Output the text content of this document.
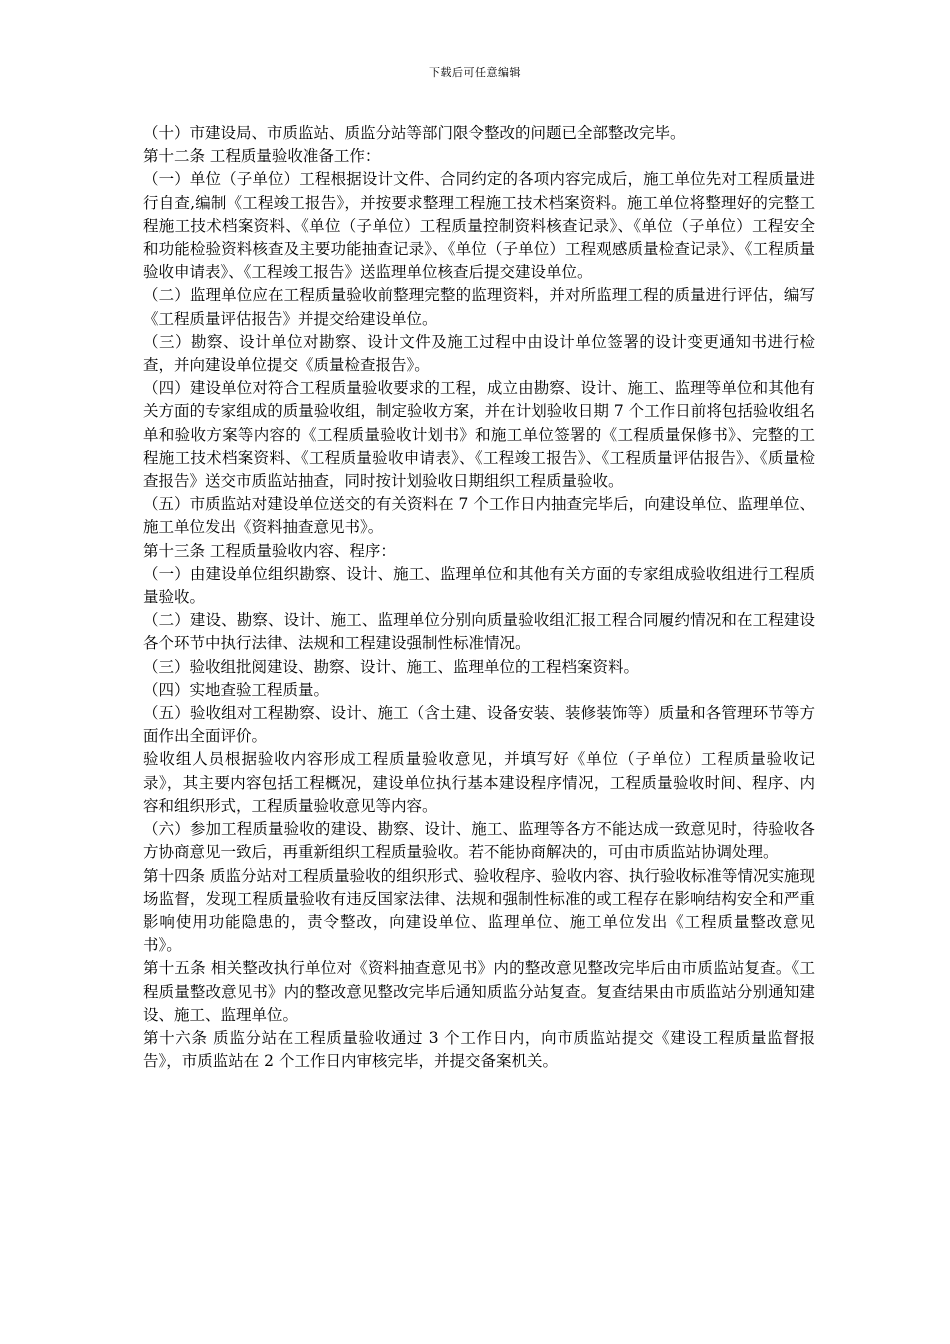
下载后可任意编辑

（十）市建设局、市质监站、质监分站等部门限令整改的问题已全部整改完毕。

第十二条 工程质量验收准备工作：

（一）单位（子单位）工程根据设计文件、合同约定的各项内容完成后，施工单位先对工程质量进行自查,编制《工程竣工报告》，并按要求整理工程施工技术档案资料。施工单位将整理好的完整工程施工技术档案资料、《单位（子单位）工程质量控制资料核查记录》、《单位（子单位）工程安全和功能检验资料核查及主要功能抽查记录》、《单位（子单位）工程观感质量检查记录》、《工程质量验收申请表》、《工程竣工报告》送监理单位核查后提交建设单位。

（二）监理单位应在工程质量验收前整理完整的监理资料，并对所监理工程的质量进行评估，编写《工程质量评估报告》并提交给建设单位。

（三）勘察、设计单位对勘察、设计文件及施工过程中由设计单位签署的设计变更通知书进行检查，并向建设单位提交《质量检查报告》。

（四）建设单位对符合工程质量验收要求的工程，成立由勘察、设计、施工、监理等单位和其他有关方面的专家组成的质量验收组，制定验收方案，并在计划验收日期 7 个工作日前将包括验收组名单和验收方案等内容的《工程质量验收计划书》和施工单位签署的《工程质量保修书》、完整的工程施工技术档案资料、《工程质量验收申请表》、《工程竣工报告》、《工程质量评估报告》、《质量检查报告》送交市质监站抽查，同时按计划验收日期组织工程质量验收。

（五）市质监站对建设单位送交的有关资料在 7 个工作日内抽查完毕后，向建设单位、监理单位、施工单位发出《资料抽查意见书》。

第十三条 工程质量验收内容、程序：

（一）由建设单位组织勘察、设计、施工、监理单位和其他有关方面的专家组成验收组进行工程质量验收。

（二）建设、勘察、设计、施工、监理单位分别向质量验收组汇报工程合同履约情况和在工程建设各个环节中执行法律、法规和工程建设强制性标准情况。

（三）验收组批阅建设、勘察、设计、施工、监理单位的工程档案资料。

（四）实地查验工程质量。

（五）验收组对工程勘察、设计、施工（含土建、设备安装、装修装饰等）质量和各管理环节等方面作出全面评价。

验收组人员根据验收内容形成工程质量验收意见，并填写好《单位（子单位）工程质量验收记录》，其主要内容包括工程概况，建设单位执行基本建设程序情况，工程质量验收时间、程序、内容和组织形式，工程质量验收意见等内容。

（六）参加工程质量验收的建设、勘察、设计、施工、监理等各方不能达成一致意见时，待验收各方协商意见一致后，再重新组织工程质量验收。若不能协商解决的，可由市质监站协调处理。

第十四条 质监分站对工程质量验收的组织形式、验收程序、验收内容、执行验收标准等情况实施现场监督，发现工程质量验收有违反国家法律、法规和强制性标准的或工程存在影响结构安全和严重影响使用功能隐患的，责令整改，向建设单位、监理单位、施工单位发出《工程质量整改意见书》。

第十五条 相关整改执行单位对《资料抽查意见书》内的整改意见整改完毕后由市质监站复查。《工程质量整改意见书》内的整改意见整改完毕后通知质监分站复查。复查结果由市质监站分别通知建设、施工、监理单位。

第十六条 质监分站在工程质量验收通过 3 个工作日内，向市质监站提交《建设工程质量监督报告》，市质监站在 2 个工作日内审核完毕，并提交备案机关。
